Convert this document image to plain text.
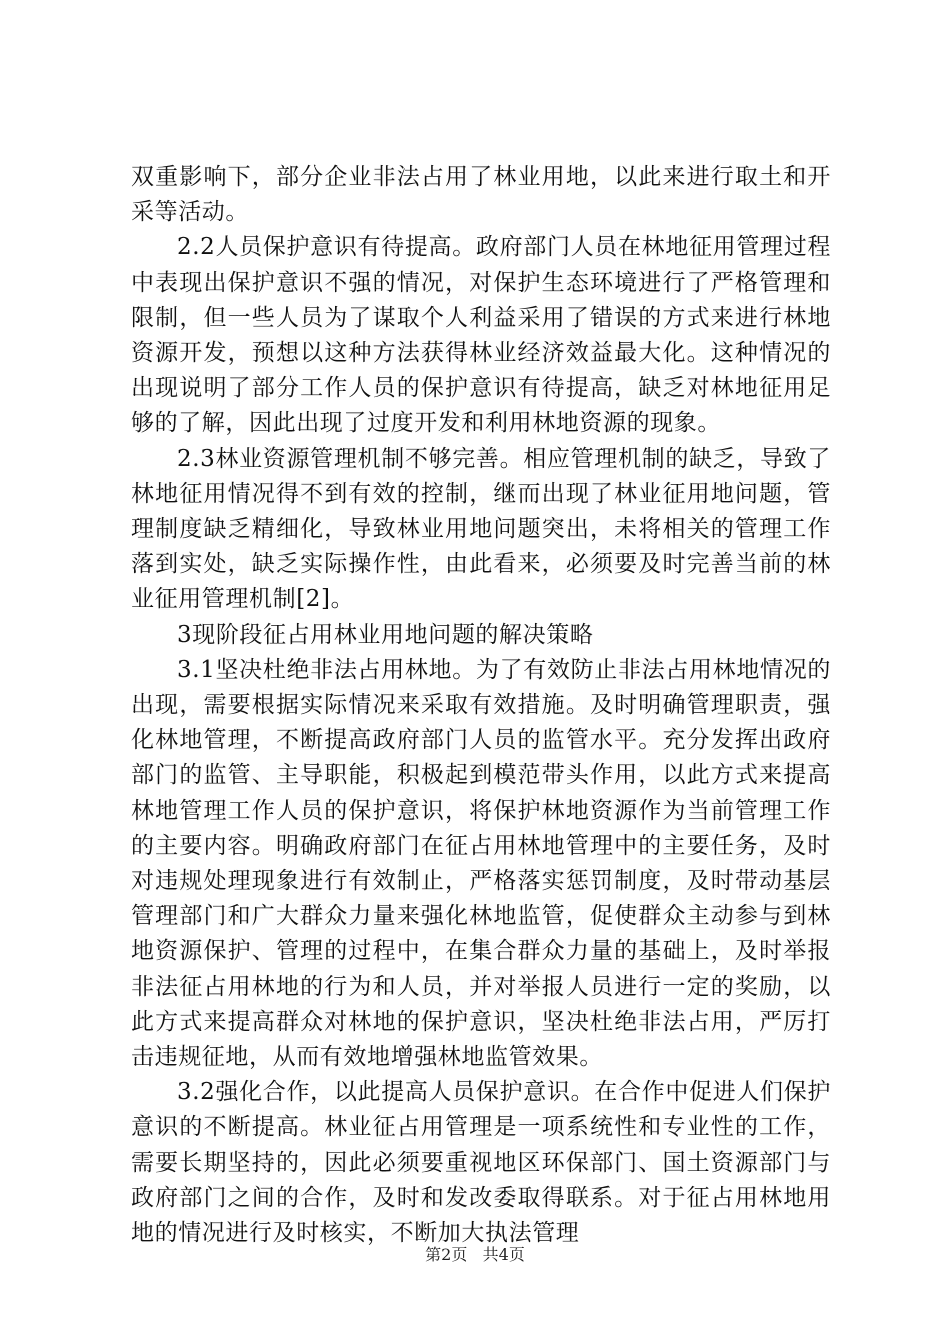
双重影响下，部分企业非法占用了林业用地，以此来进行取土和开采等活动。

2.2人员保护意识有待提高。政府部门人员在林地征用管理过程中表现出保护意识不强的情况，对保护生态环境进行了严格管理和限制，但一些人员为了谋取个人利益采用了错误的方式来进行林地资源开发，预想以这种方法获得林业经济效益最大化。这种情况的出现说明了部分工作人员的保护意识有待提高，缺乏对林地征用足够的了解，因此出现了过度开发和利用林地资源的现象。

2.3林业资源管理机制不够完善。相应管理机制的缺乏，导致了林地征用情况得不到有效的控制，继而出现了林业征用地问题，管理制度缺乏精细化，导致林业用地问题突出，未将相关的管理工作落到实处，缺乏实际操作性，由此看来，必须要及时完善当前的林业征用管理机制[2]。

3现阶段征占用林业用地问题的解决策略

3.1坚决杜绝非法占用林地。为了有效防止非法占用林地情况的出现，需要根据实际情况来采取有效措施。及时明确管理职责，强化林地管理，不断提高政府部门人员的监管水平。充分发挥出政府部门的监管、主导职能，积极起到模范带头作用，以此方式来提高林地管理工作人员的保护意识，将保护林地资源作为当前管理工作的主要内容。明确政府部门在征占用林地管理中的主要任务，及时对违规处理现象进行有效制止，严格落实惩罚制度，及时带动基层管理部门和广大群众力量来强化林地监管，促使群众主动参与到林地资源保护、管理的过程中，在集合群众力量的基础上，及时举报非法征占用林地的行为和人员，并对举报人员进行一定的奖励，以此方式来提高群众对林地的保护意识，坚决杜绝非法占用，严厉打击违规征地，从而有效地增强林地监管效果。

3.2强化合作，以此提高人员保护意识。在合作中促进人们保护意识的不断提高。林业征占用管理是一项系统性和专业性的工作，需要长期坚持的，因此必须要重视地区环保部门、国土资源部门与政府部门之间的合作，及时和发改委取得联系。对于征占用林地用地的情况进行及时核实，不断加大执法管理

第2页 共4页
